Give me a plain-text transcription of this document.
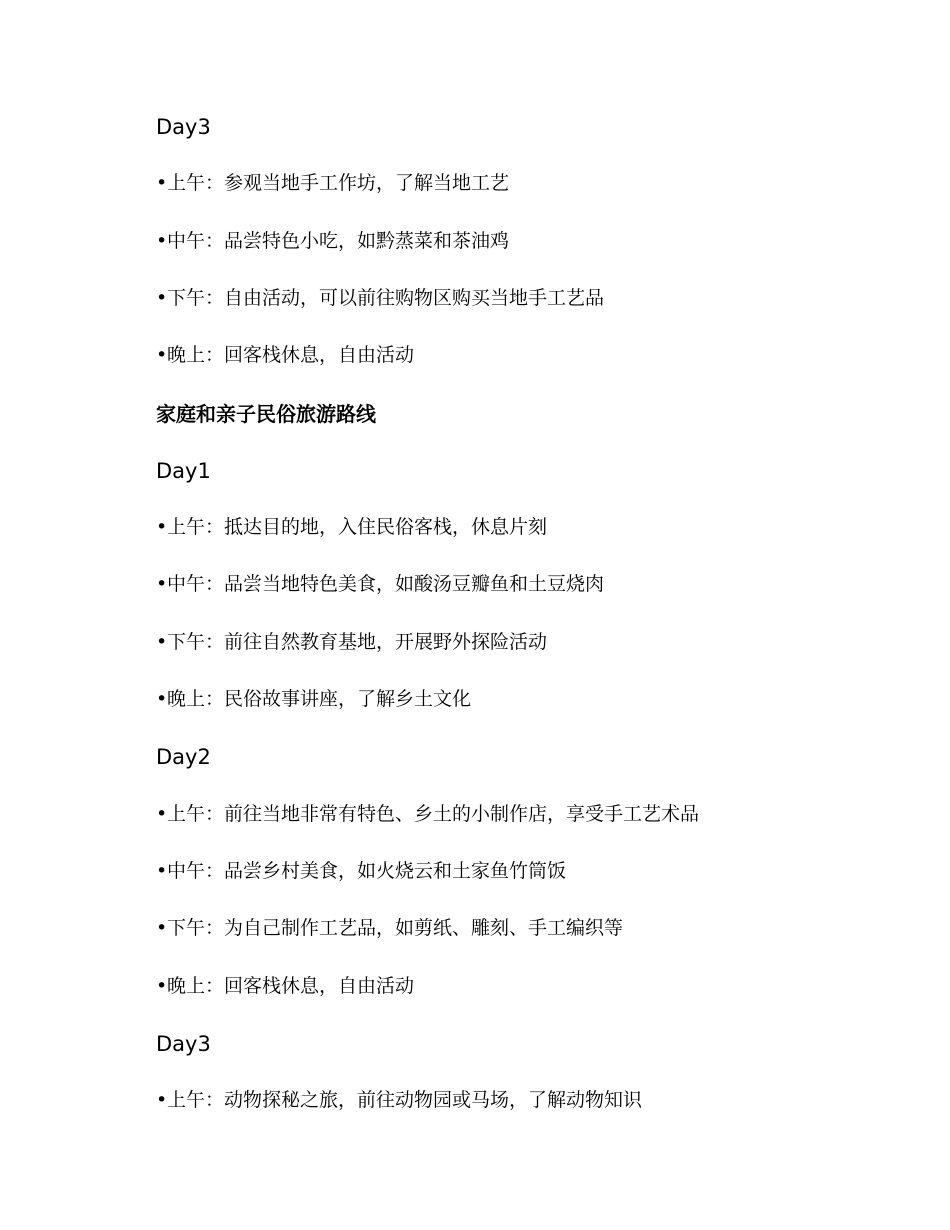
Day3
•上午：参观当地手工作坊，了解当地工艺
•中午：品尝特色小吃，如黔蒸菜和茶油鸡
•下午：自由活动，可以前往购物区购买当地手工艺品
•晚上：回客栈休息，自由活动
家庭和亲子民俗旅游路线
Day1
•上午：抵达目的地，入住民俗客栈，休息片刻
•中午：品尝当地特色美食，如酸汤豆瓣鱼和土豆烧肉
•下午：前往自然教育基地，开展野外探险活动
•晚上：民俗故事讲座，了解乡土文化
Day2
•上午：前往当地非常有特色、乡土的小制作店，享受手工艺术品
•中午：品尝乡村美食，如火烧云和土家鱼竹筒饭
•下午：为自己制作工艺品，如剪纸、雕刻、手工编织等
•晚上：回客栈休息，自由活动
Day3
•上午：动物探秘之旅，前往动物园或马场，了解动物知识
